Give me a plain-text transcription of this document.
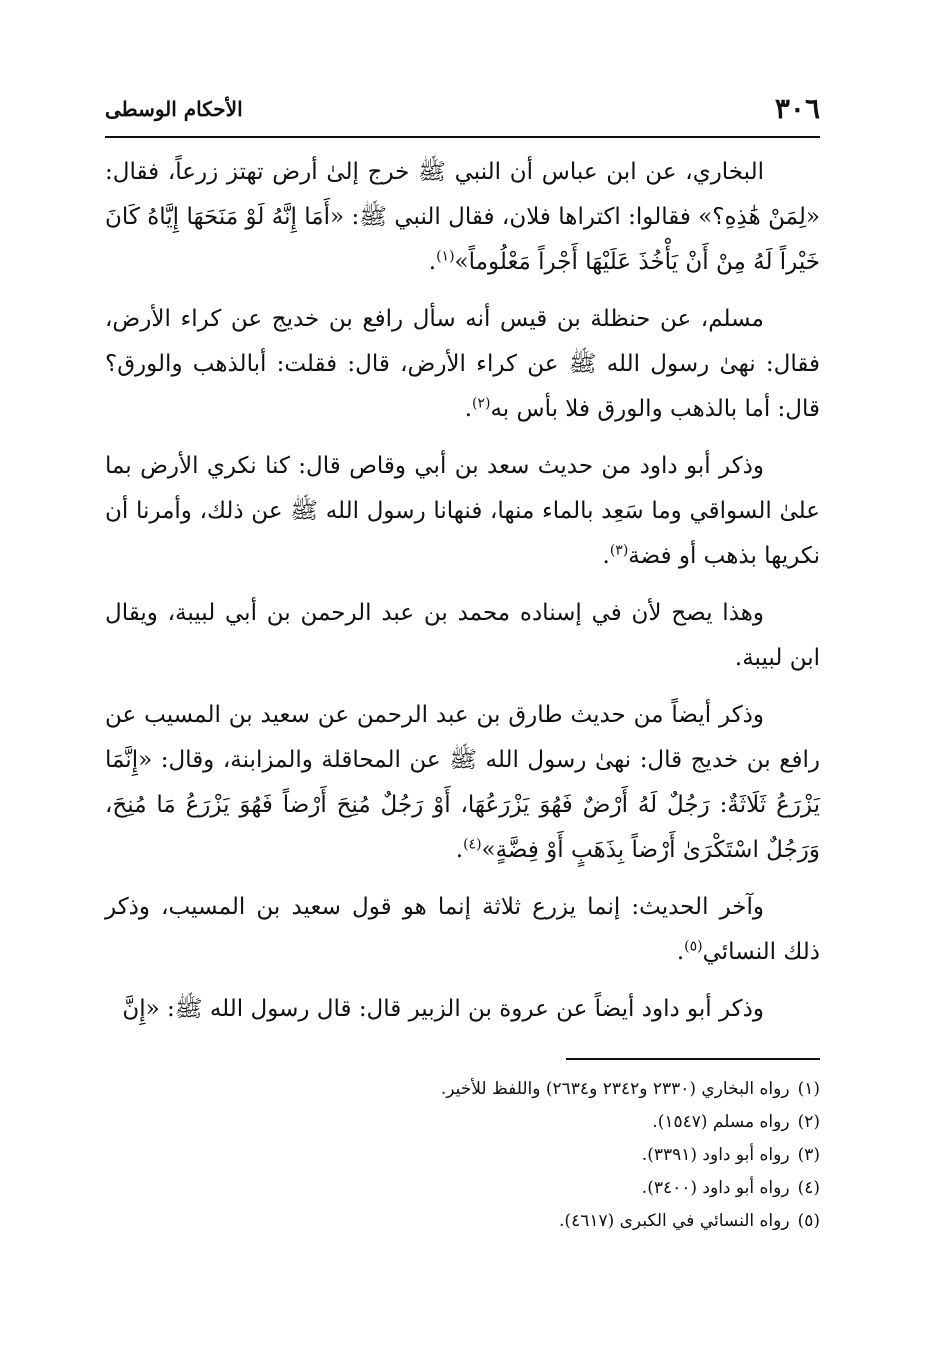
٣٠٦
الأحكام الوسطى

البخاري، عن ابن عباس أن النبي ﷺ خرج إلىٰ أرض تهتز زرعاً، فقال: «لِمَنْ هَٰذِهِ؟» فقالوا: اكتراها فلان، فقال النبي ﷺ: «أَمَا إِنَّهُ لَوْ مَنَحَهَا إِيَّاهُ كَانَ خَيْراً لَهُ مِنْ أَنْ يَأْخُذَ عَلَيْهَا أَجْراً مَعْلُوماً»$^{(١)}$.

مسلم، عن حنظلة بن قيس أنه سأل رافع بن خديج عن كراء الأرض، فقال: نهىٰ رسول الله ﷺ عن كراء الأرض، قال: فقلت: أبالذهب والورق؟ قال: أما بالذهب والورق فلا بأس به$^{(٢)}$.

وذكر أبو داود من حديث سعد بن أبي وقاص قال: كنا نكري الأرض بما علىٰ السواقي وما سَعِد بالماء منها، فنهانا رسول الله ﷺ عن ذلك، وأمرنا أن نكريها بذهب أو فضة$^{(٣)}$.

وهذا يصح لأن في إسناده محمد بن عبد الرحمن بن أبي لبيبة، ويقال ابن لبيبة.

وذكر أيضاً من حديث طارق بن عبد الرحمن عن سعيد بن المسيب عن رافع بن خديج قال: نهىٰ رسول الله ﷺ عن المحاقلة والمزابنة، وقال: «إِنَّمَا يَزْرَعُ ثَلَاثَةٌ: رَجُلٌ لَهُ أَرْضٌ فَهُوَ يَزْرَعُهَا، أَوْ رَجُلٌ مُنِحَ أَرْضاً فَهُوَ يَزْرَعُ مَا مُنِحَ، وَرَجُلٌ اسْتَكْرَىٰ أَرْضاً بِذَهَبٍ أَوْ فِضَّةٍ»$^{(٤)}$.

وآخر الحديث: إنما يزرع ثلاثة إنما هو قول سعيد بن المسيب، وذكر ذلك النسائي$^{(٥)}$.

وذكر أبو داود أيضاً عن عروة بن الزبير قال: قال رسول الله ﷺ: «إِنَّ

(١)رواه البخاري (٢٣٣٠ و٢٣٤٢ و٢٦٣٤) واللفظ للأخير.
(٢)رواه مسلم (١٥٤٧).
(٣)رواه أبو داود (٣٣٩١).
(٤)رواه أبو داود (٣٤٠٠).
(٥)رواه النسائي في الكبرى (٤٦١٧).
